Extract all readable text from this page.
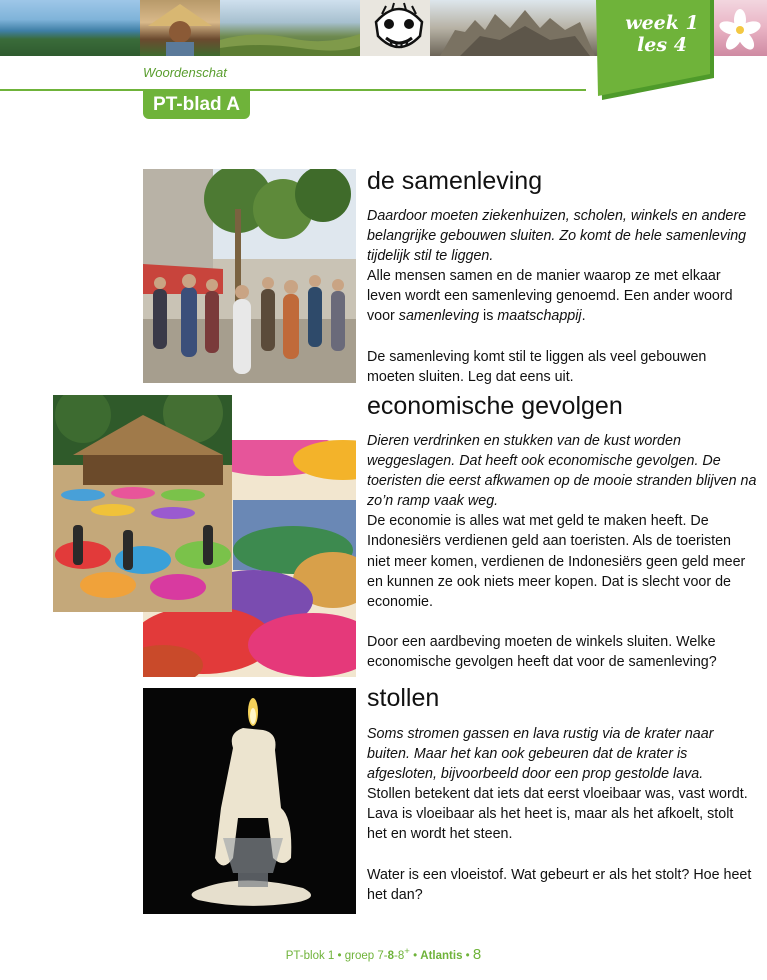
week 1
les 4
Woordenschat
PT-blad A
de samenleving

Daardoor moeten ziekenhuizen, scholen, winkels en andere belangrijke gebouwen sluiten. Zo komt de hele samenleving tijdelijk stil te liggen.

Alle mensen samen en de manier waarop ze met elkaar leven wordt een samenleving genoemd. Een ander woord voor samenleving is maatschappij.

De samenleving komt stil te liggen als veel gebouwen moeten sluiten. Leg dat eens uit.

economische gevolgen

Dieren verdrinken en stukken van de kust worden weggeslagen. Dat heeft ook economische gevolgen. De toeristen die eerst afkwamen op de mooie stranden blijven na zo’n ramp vaak weg.

De economie is alles wat met geld te maken heeft. De Indonesiërs verdienen geld aan toeristen. Als de toeristen niet meer komen, verdienen de Indonesiërs geen geld meer en kunnen ze ook niets meer kopen. Dat is slecht voor de economie.

Door een aardbeving moeten de winkels sluiten. Welke economische gevolgen heeft dat voor de samenleving?

stollen

Soms stromen gassen en lava rustig via de krater naar buiten. Maar het kan ook gebeuren dat de krater is afgesloten, bijvoorbeeld door een prop gestolde lava.

Stollen betekent dat iets dat eerst vloeibaar was, vast wordt. Lava is vloeibaar als het heet is, maar als het afkoelt, stolt het en wordt het steen.

Water is een vloeistof. Wat gebeurt er als het stolt? Hoe heet het dan?

PT-blok 1 • groep 7-8-8+ • Atlantis • 8
